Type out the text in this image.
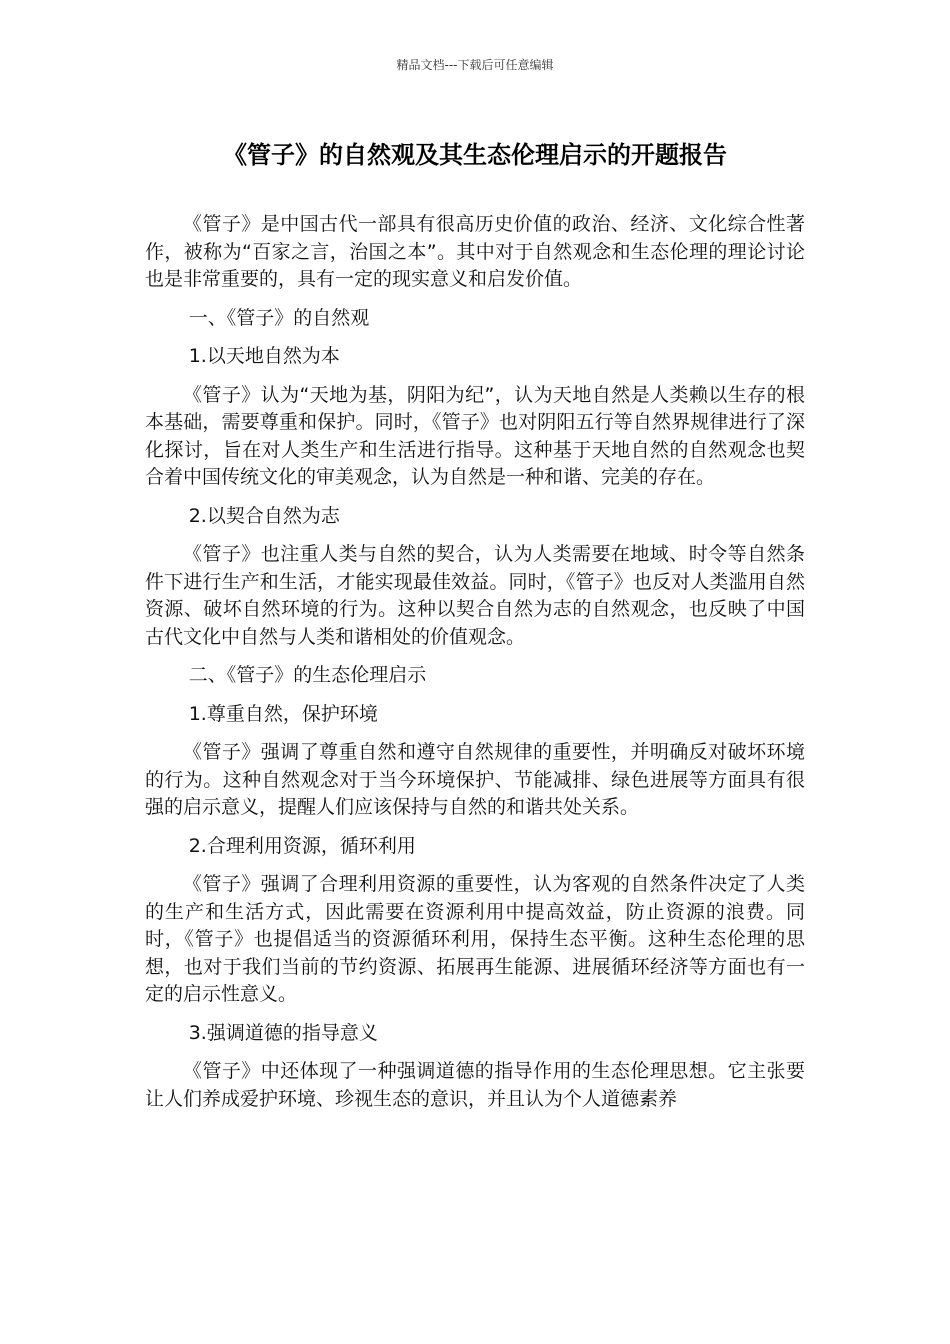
精品文档---下载后可任意编辑
《管子》的自然观及其生态伦理启示的开题报告

《管子》是中国古代一部具有很高历史价值的政治、经济、文化综合性著作，被称为“百家之言，治国之本”。其中对于自然观念和生态伦理的理论讨论也是非常重要的，具有一定的现实意义和启发价值。

一、《管子》的自然观

1.以天地自然为本

《管子》认为“天地为基，阴阳为纪”，认为天地自然是人类赖以生存的根本基础，需要尊重和保护。同时，《管子》也对阴阳五行等自然界规律进行了深化探讨，旨在对人类生产和生活进行指导。这种基于天地自然的自然观念也契合着中国传统文化的审美观念，认为自然是一种和谐、完美的存在。

2.以契合自然为志

《管子》也注重人类与自然的契合，认为人类需要在地域、时令等自然条件下进行生产和生活，才能实现最佳效益。同时，《管子》也反对人类滥用自然资源、破坏自然环境的行为。这种以契合自然为志的自然观念，也反映了中国古代文化中自然与人类和谐相处的价值观念。

二、《管子》的生态伦理启示

1.尊重自然，保护环境

《管子》强调了尊重自然和遵守自然规律的重要性，并明确反对破坏环境的行为。这种自然观念对于当今环境保护、节能减排、绿色进展等方面具有很强的启示意义，提醒人们应该保持与自然的和谐共处关系。

2.合理利用资源，循环利用

《管子》强调了合理利用资源的重要性，认为客观的自然条件决定了人类的生产和生活方式，因此需要在资源利用中提高效益，防止资源的浪费。同时，《管子》也提倡适当的资源循环利用，保持生态平衡。这种生态伦理的思想，也对于我们当前的节约资源、拓展再生能源、进展循环经济等方面也有一定的启示性意义。

3.强调道德的指导意义

《管子》中还体现了一种强调道德的指导作用的生态伦理思想。它主张要让人们养成爱护环境、珍视生态的意识，并且认为个人道德素养
